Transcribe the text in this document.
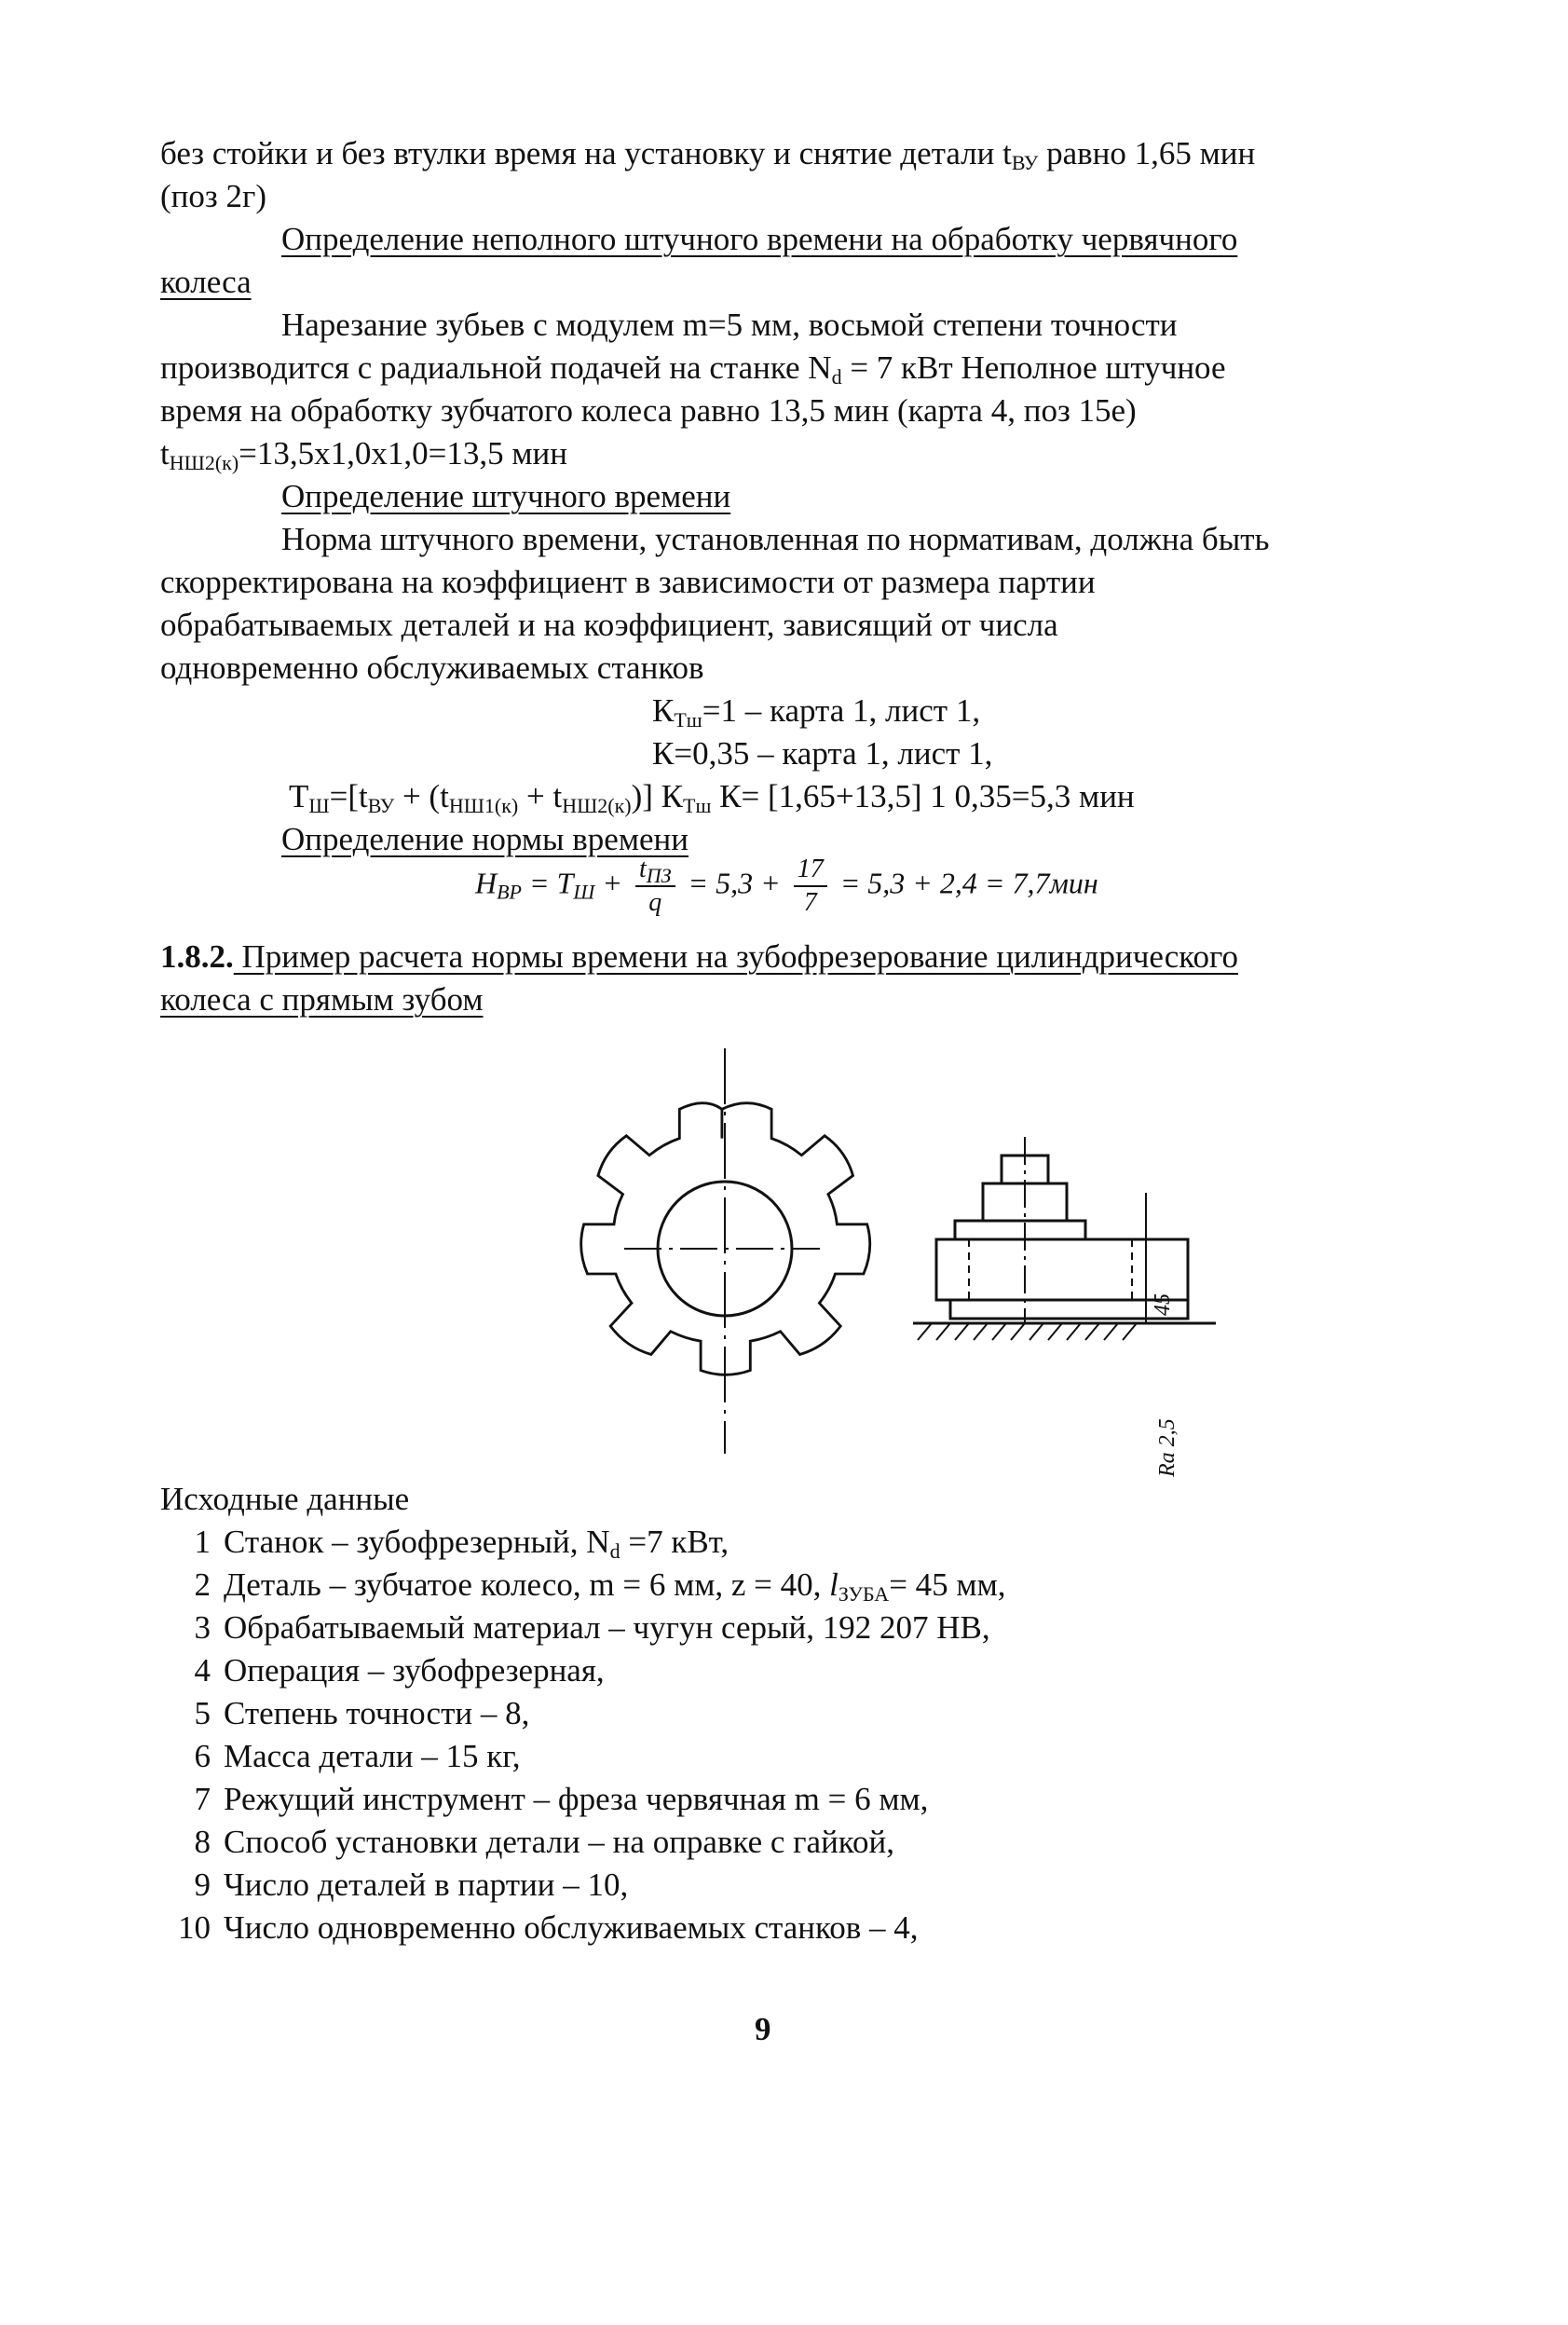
без стойки и без втулки время на установку и снятие детали $t_{ВУ}$ равно 1,65 мин
(поз 2г)
Определение неполного штучного времени на обработку червячного
колеса
Нарезание зубьев с модулем m=5 мм, восьмой степени точности
производится с радиальной подачей на станке $N_d = 7$ кВт Неполное штучное
время на обработку зубчатого колеса равно 13,5 мин (карта 4, поз 15е)
$t_{НШ2(к)}=13,5х1,0х1,0=13,5$ мин
Определение штучного времени
Норма штучного времени, установленная по нормативам, должна быть
скорректирована на коэффициент в зависимости от размера партии
обрабатываемых деталей и на коэффициент, зависящий от числа
одновременно обслуживаемых станков
$К_{Тш}=1$ – карта 1, лист 1,
К=0,35 – карта 1, лист 1,
$Т_Ш=[t_{ВУ} + (t_{НШ1(к)} + t_{НШ2(к)})]$ $К_{Тш}$ К= [1,65+13,5] 1 0,35=5,3 мин
Определение нормы времени
$Н_{ВР} = Т_Ш + \frac{t_{ПЗ}}{q} = 5,3 + \frac{17}{7} = 5,3 + 2,4 = 7,7мин$
1.8.2. Пример расчета нормы времени на зубофрезерование цилиндрического
колеса с прямым зубом
Ra 2,5
45
Исходные данные
1 Станок – зубофрезерный, $N_d =7$ кВт,
2 Деталь – зубчатое колесо, m = 6 мм, z = 40, $l_{ЗУБА}= 45$ мм,
3 Обрабатываемый материал – чугун серый, 192 207 НВ,
4 Операция – зубофрезерная,
5 Степень точности – 8,
6 Масса детали – 15 кг,
7 Режущий инструмент – фреза червячная m = 6 мм,
8 Способ установки детали – на оправке с гайкой,
9 Число деталей в партии – 10,
10 Число одновременно обслуживаемых станков – 4,
9
